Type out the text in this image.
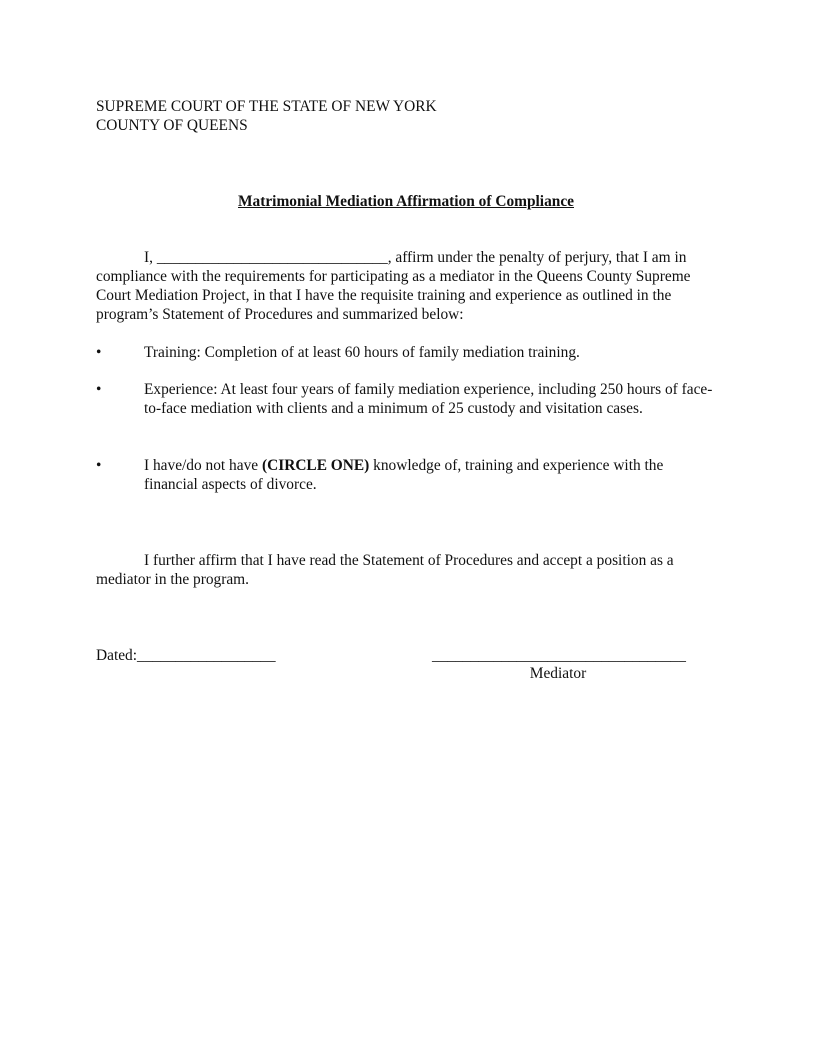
SUPREME COURT OF THE STATE OF NEW YORK
COUNTY OF QUEENS
Matrimonial Mediation Affirmation of Compliance
I, ______________________________, affirm under the penalty of perjury, that I am in compliance with the requirements for participating as a mediator in the Queens County Supreme Court Mediation Project, in that I have the requisite training and experience as outlined in the program’s Statement of Procedures and summarized below:
•	Training: Completion of at least 60 hours of family mediation training.
•	Experience: At least four years of family mediation experience, including 250 hours of face-to-face mediation with clients and a minimum of 25 custody and visitation cases.
•	I have/do not have (CIRCLE ONE) knowledge of, training and experience with the financial aspects of divorce.
I further affirm that I have read the Statement of Procedures and accept a position as a mediator in the program.
Dated:__________________	_________________________________
Mediator
